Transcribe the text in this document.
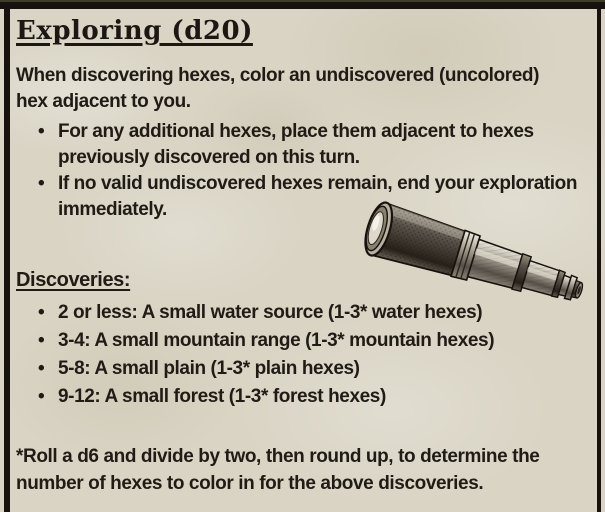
Exploring (d20)

When discovering hexes, color an undiscovered (uncolored) hex adjacent to you.

• For any additional hexes, place them adjacent to hexes previously discovered on this turn.
• If no valid undiscovered hexes remain, end your exploration immediately.
Discoveries:
• 2 or less: A small water source (1-3* water hexes)
• 3-4: A small mountain range (1-3* mountain hexes)
• 5-8: A small plain (1-3* plain hexes)
• 9-12: A small forest (1-3* forest hexes)

*Roll a d6 and divide by two, then round up, to determine the number of hexes to color in for the above discoveries.
